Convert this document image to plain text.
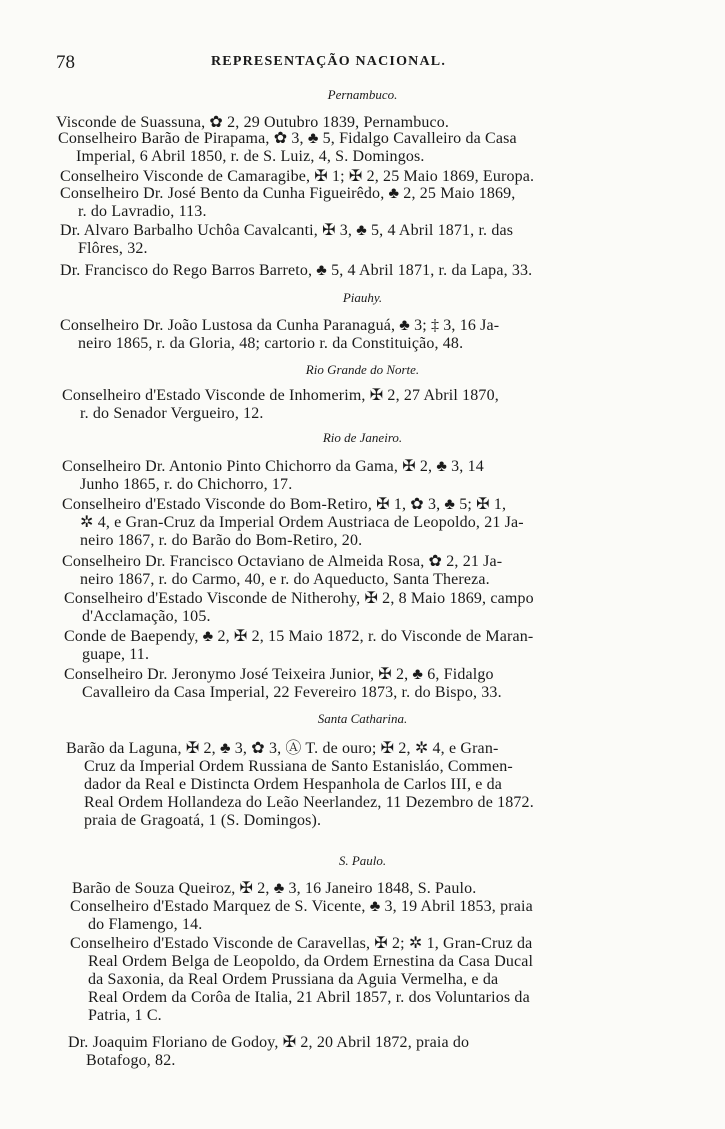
78	REPRESENTAÇÃO NACIONAL.
Pernambuco.
Visconde de Suassuna, ✿ 2, 29 Outubro 1839, Pernambuco.
Conselheiro Barão de Pirapama, ✿ 3, ♣ 5, Fidalgo Cavalleiro da Casa
Imperial, 6 Abril 1850, r. de S. Luiz, 4, S. Domingos.
Conselheiro Visconde de Camaragibe, ✠ 1; ✠ 2, 25 Maio 1869, Europa.
Conselheiro Dr. José Bento da Cunha Figueirêdo, ♣ 2, 25 Maio 1869,
r. do Lavradio, 113.
Dr. Alvaro Barbalho Uchôa Cavalcanti, ✠ 3, ♣ 5, 4 Abril 1871, r. das
Flôres, 32.
Dr. Francisco do Rego Barros Barreto, ♣ 5, 4 Abril 1871, r. da Lapa, 33.
Piauhy.
Conselheiro Dr. João Lustosa da Cunha Paranaguá, ♣ 3; ‡ 3, 16 Ja-
neiro 1865, r. da Gloria, 48; cartorio r. da Constituição, 48.
Rio Grande do Norte.
Conselheiro d'Estado Visconde de Inhomerim, ✠ 2, 27 Abril 1870,
r. do Senador Vergueiro, 12.
Rio de Janeiro.
Conselheiro Dr. Antonio Pinto Chichorro da Gama, ✠ 2, ♣ 3, 14
Junho 1865, r. do Chichorro, 17.
Conselheiro d'Estado Visconde do Bom-Retiro, ✠ 1, ✿ 3, ♣ 5; ✠ 1,
✲ 4, e Gran-Cruz da Imperial Ordem Austriaca de Leopoldo, 21 Ja-
neiro 1867, r. do Barão do Bom-Retiro, 20.
Conselheiro Dr. Francisco Octaviano de Almeida Rosa, ✿ 2, 21 Ja-
neiro 1867, r. do Carmo, 40, e r. do Aqueducto, Santa Thereza.
Conselheiro d'Estado Visconde de Nitherohy, ✠ 2, 8 Maio 1869, campo
d'Acclamação, 105.
Conde de Baependy, ♣ 2, ✠ 2, 15 Maio 1872, r. do Visconde de Maran-
guape, 11.
Conselheiro Dr. Jeronymo José Teixeira Junior, ✠ 2, ♣ 6, Fidalgo
Cavalleiro da Casa Imperial, 22 Fevereiro 1873, r. do Bispo, 33.
Santa Catharina.
Barão da Laguna, ✠ 2, ♣ 3, ✿ 3, Ⓐ T. de ouro; ✠ 2, ✲ 4, e Gran-
Cruz da Imperial Ordem Russiana de Santo Estanisláo, Commen-
dador da Real e Distincta Ordem Hespanhola de Carlos III, e da
Real Ordem Hollandeza do Leão Neerlandez, 11 Dezembro de 1872.
praia de Gragoatá, 1 (S. Domingos).
S. Paulo.
Barão de Souza Queiroz, ✠ 2, ♣ 3, 16 Janeiro 1848, S. Paulo.
Conselheiro d'Estado Marquez de S. Vicente, ♣ 3, 19 Abril 1853, praia
do Flamengo, 14.
Conselheiro d'Estado Visconde de Caravellas, ✠ 2; ✲ 1, Gran-Cruz da
Real Ordem Belga de Leopoldo, da Ordem Ernestina da Casa Ducal
da Saxonia, da Real Ordem Prussiana da Aguia Vermelha, e da
Real Ordem da Corôa de Italia, 21 Abril 1857, r. dos Voluntarios da
Patria, 1 C.
Dr. Joaquim Floriano de Godoy, ✠ 2, 20 Abril 1872, praia do
Botafogo, 82.
